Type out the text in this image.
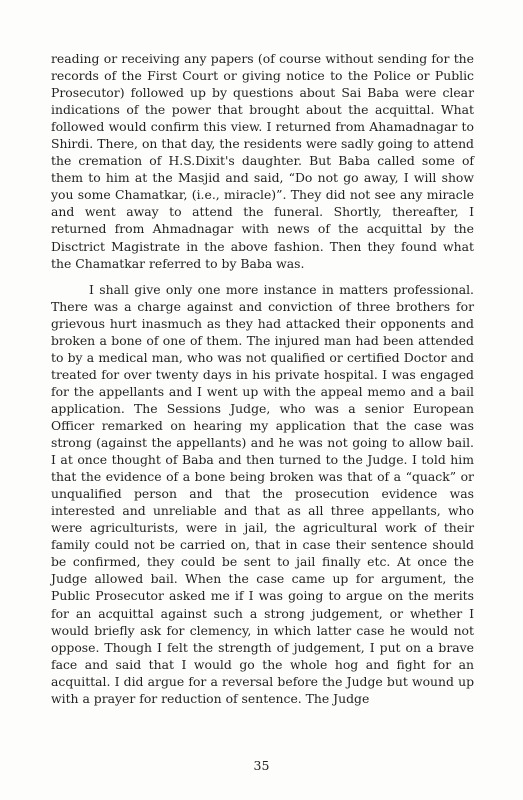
reading or receiving any papers (of course without sending for the records of the First Court or giving notice to the Police or Public Prosecutor) followed up by questions about Sai Baba were clear indications of the power that brought about the acquittal. What followed would confirm this view. I returned from Ahamadnagar to Shirdi. There, on that day, the residents were sadly going to attend the cremation of H.S.Dixit's daughter. But Baba called some of them to him at the Masjid and said, “Do not go away, I will show you some Chamatkar, (i.e., miracle)”. They did not see any miracle and went away to attend the funeral. Shortly, thereafter, I returned from Ahmadnagar with news of the acquittal by the Disctrict Magistrate in the above fashion. Then they found what the Chamatkar referred to by Baba was.

I shall give only one more instance in matters professional. There was a charge against and conviction of three brothers for grievous hurt inasmuch as they had attacked their opponents and broken a bone of one of them. The injured man had been attended to by a medical man, who was not qualified or certified Doctor and treated for over twenty days in his private hospital. I was engaged for the appellants and I went up with the appeal memo and a bail application. The Sessions Judge, who was a senior European Officer remarked on hearing my application that the case was strong (against the appellants) and he was not going to allow bail. I at once thought of Baba and then turned to the Judge. I told him that the evidence of a bone being broken was that of a “quack” or unqualified person and that the prosecution evidence was interested and unreliable and that as all three appellants, who were agriculturists, were in jail, the agricultural work of their family could not be carried on, that in case their sentence should be confirmed, they could be sent to jail finally etc. At once the Judge allowed bail. When the case came up for argument, the Public Prosecutor asked me if I was going to argue on the merits for an acquittal against such a strong judgement, or whether I would briefly ask for clemency, in which latter case he would not oppose. Though I felt the strength of judgement, I put on a brave face and said that I would go the whole hog and fight for an acquittal. I did argue for a reversal before the Judge but wound up with a prayer for reduction of sentence. The Judge

35
